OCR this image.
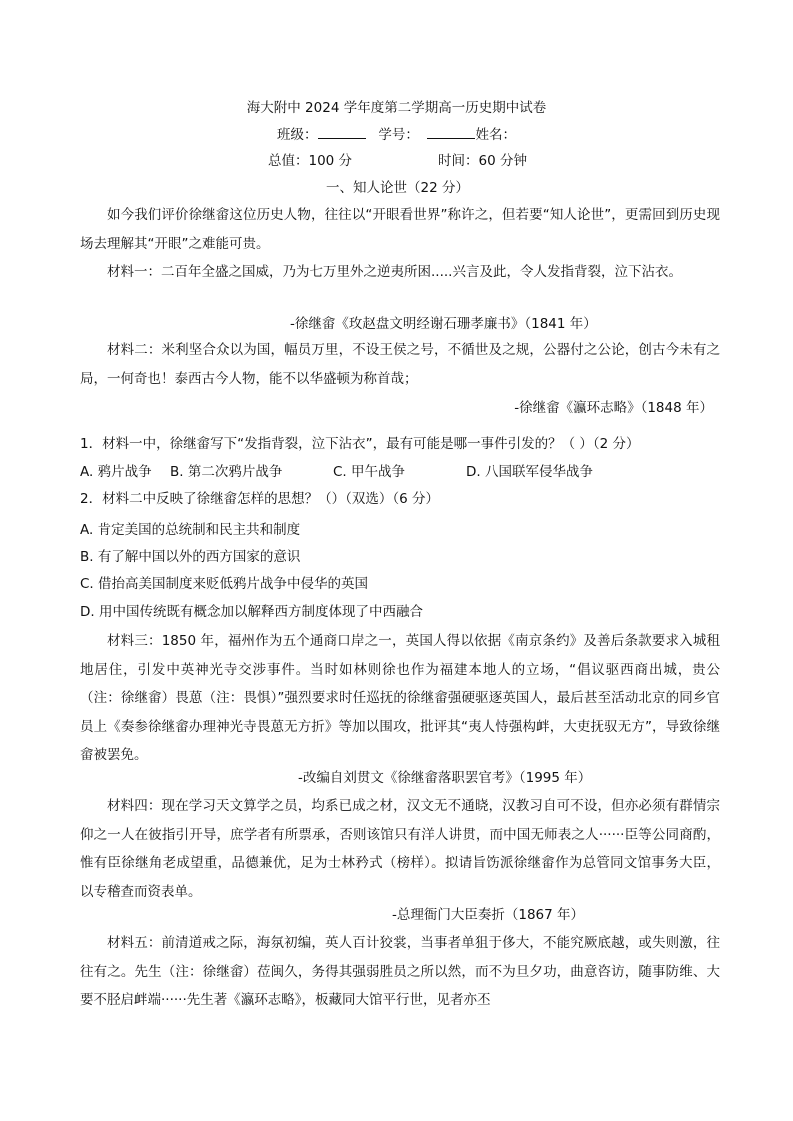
海大附中 2024 学年度第二学期高一历史期中试卷
班级：	学号：	姓名：
总值：100 分	时间：60 分钟
一、知人论世（22 分）
如今我们评价徐继畲这位历史人物，往往以“开眼看世界”称许之，但若要“知人论世”，更需回到历史现场去理解其“开眼”之难能可贵。
材料一：二百年全盛之国威，乃为七万里外之逆夷所困.....兴言及此，令人发指背裂，泣下沾衣。
-徐继畲《玫赵盘文明经谢石珊孝廉书》（1841 年）
材料二：米利坚合众以为国，幅员万里，不设王侯之号，不循世及之规，公器付之公论，创古今未有之局，一何奇也！泰西古今人物，能不以华盛顿为称首哉；
-徐继畲《瀛环志略》（1848 年）
1．材料一中，徐继畲写下“发指背裂，泣下沾衣”，最有可能是哪一事件引发的？（ ）（2 分）
A. 鸦片战争 B. 第二次鸦片战争	C. 甲午战争	D. 八国联军侵华战争
2．材料二中反映了徐继畲怎样的思想？（）（双选）（6 分）
A. 肯定美国的总统制和民主共和制度
B. 有了解中国以外的西方国家的意识
C. 借抬高美国制度来贬低鸦片战争中侵华的英国
D. 用中国传统既有概念加以解释西方制度体现了中西融合
材料三：1850 年，福州作为五个通商口岸之一，英国人得以依据《南京条约》及善后条款要求入城租地居住，引发中英神光寺交涉事件。当时如林则徐也作为福建本地人的立场，“倡议驱西商出城，贵公（注：徐继畲）畏葸（注：畏惧）”强烈要求时任巡抚的徐继畲强硬驱逐英国人，最后甚至活动北京的同乡官员上《奏参徐继畲办理神光寺畏葸无方折》等加以围攻，批评其“夷人恃强构衅，大吏抚驭无方”，导致徐继畲被罢免。
-改编自刘贯文《徐继畲落职罢官考》（1995 年）
材料四：现在学习天文算学之员，均系已成之材，汉文无不通晓，汉教习自可不设，但亦必须有群情宗仰之一人在彼指引开导，庶学者有所票承，否则该馆只有洋人讲贯，而中国无师表之人······臣等公同商酌，惟有臣徐继角老成望重，品德兼优，足为士林矜式（榜样）。拟请旨饬派徐继畲作为总管同文馆事务大臣，以专稽查而资表单。
-总理衙门大臣奏折（1867 年）
材料五：前清道戒之际，海氛初编，英人百计狡裳，当事者单狙于侈大，不能究厥底越，或失则激，往往有之。先生（注：徐继畲）莅闽久，务得其强弱胜员之所以然，而不为旦夕功，曲意咨访，随事防维、大要不胫启衅端······先生著《瀛环志略》，板藏同大馆平行世，见者亦丕
